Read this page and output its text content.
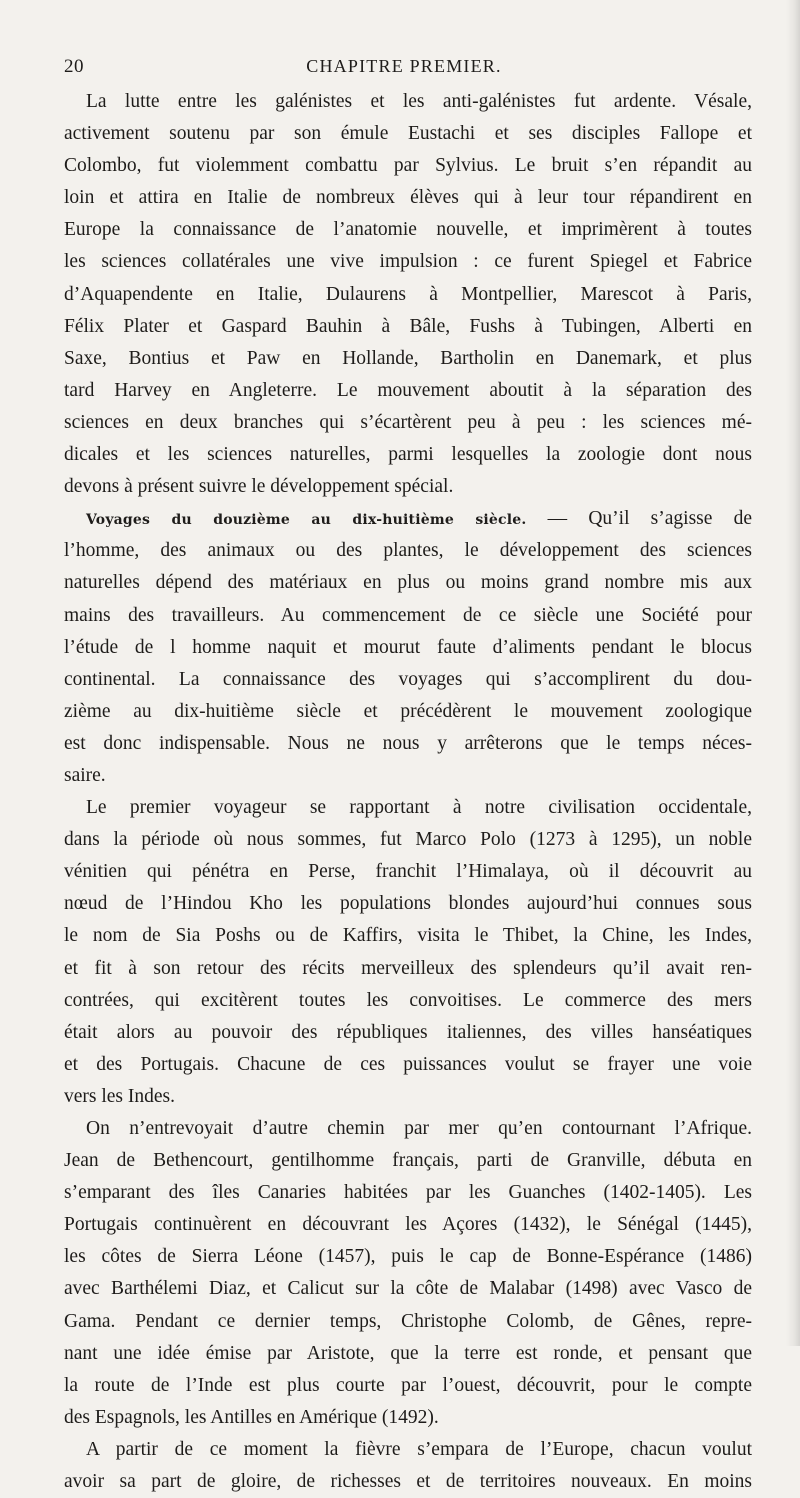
20	CHAPITRE PREMIER.
La lutte entre les galénistes et les anti-galénistes fut ardente. Vésale,
activement soutenu par son émule Eustachi et ses disciples Fallope et
Colombo, fut violemment combattu par Sylvius. Le bruit s’en répandit au
loin et attira en Italie de nombreux élèves qui à leur tour répandirent en
Europe la connaissance de l’anatomie nouvelle, et imprimèrent à toutes
les sciences collatérales une vive impulsion : ce furent Spiegel et Fabrice
d’Aquapendente en Italie, Dulaurens à Montpellier, Marescot à Paris,
Félix Plater et Gaspard Bauhin à Bâle, Fushs à Tubingen, Alberti en
Saxe, Bontius et Paw en Hollande, Bartholin en Danemark, et plus
tard Harvey en Angleterre. Le mouvement aboutit à la séparation des
sciences en deux branches qui s’écartèrent peu à peu : les sciences mé-
dicales et les sciences naturelles, parmi lesquelles la zoologie dont nous
devons à présent suivre le développement spécial.
Voyages du douzième au dix-huitième siècle. — Qu’il s’agisse de
l’homme, des animaux ou des plantes, le développement des sciences
naturelles dépend des matériaux en plus ou moins grand nombre mis aux
mains des travailleurs. Au commencement de ce siècle une Société pour
l’étude de l homme naquit et mourut faute d’aliments pendant le blocus
continental. La connaissance des voyages qui s’accomplirent du dou-
zième au dix-huitième siècle et précédèrent le mouvement zoologique
est donc indispensable. Nous ne nous y arrêterons que le temps néces-
saire.
Le premier voyageur se rapportant à notre civilisation occidentale,
dans la période où nous sommes, fut Marco Polo (1273 à 1295), un noble
vénitien qui pénétra en Perse, franchit l’Himalaya, où il découvrit au
nœud de l’Hindou Kho les populations blondes aujourd’hui connues sous
le nom de Sia Poshs ou de Kaffirs, visita le Thibet, la Chine, les Indes,
et fit à son retour des récits merveilleux des splendeurs qu’il avait ren-
contrées, qui excitèrent toutes les convoitises. Le commerce des mers
était alors au pouvoir des républiques italiennes, des villes hanséatiques
et des Portugais. Chacune de ces puissances voulut se frayer une voie
vers les Indes.
On n’entrevoyait d’autre chemin par mer qu’en contournant l’Afrique.
Jean de Bethencourt, gentilhomme français, parti de Granville, débuta en
s’emparant des îles Canaries habitées par les Guanches (1402-1405). Les
Portugais continuèrent en découvrant les Açores (1432), le Sénégal (1445),
les côtes de Sierra Léone (1457), puis le cap de Bonne-Espérance (1486)
avec Barthélemi Diaz, et Calicut sur la côte de Malabar (1498) avec Vasco de
Gama. Pendant ce dernier temps, Christophe Colomb, de Gênes, repre-
nant une idée émise par Aristote, que la terre est ronde, et pensant que
la route de l’Inde est plus courte par l’ouest, découvrit, pour le compte
des Espagnols, les Antilles en Amérique (1492).
A partir de ce moment la fièvre s’empara de l’Europe, chacun voulut
avoir sa part de gloire, de richesses et de territoires nouveaux. En moins
